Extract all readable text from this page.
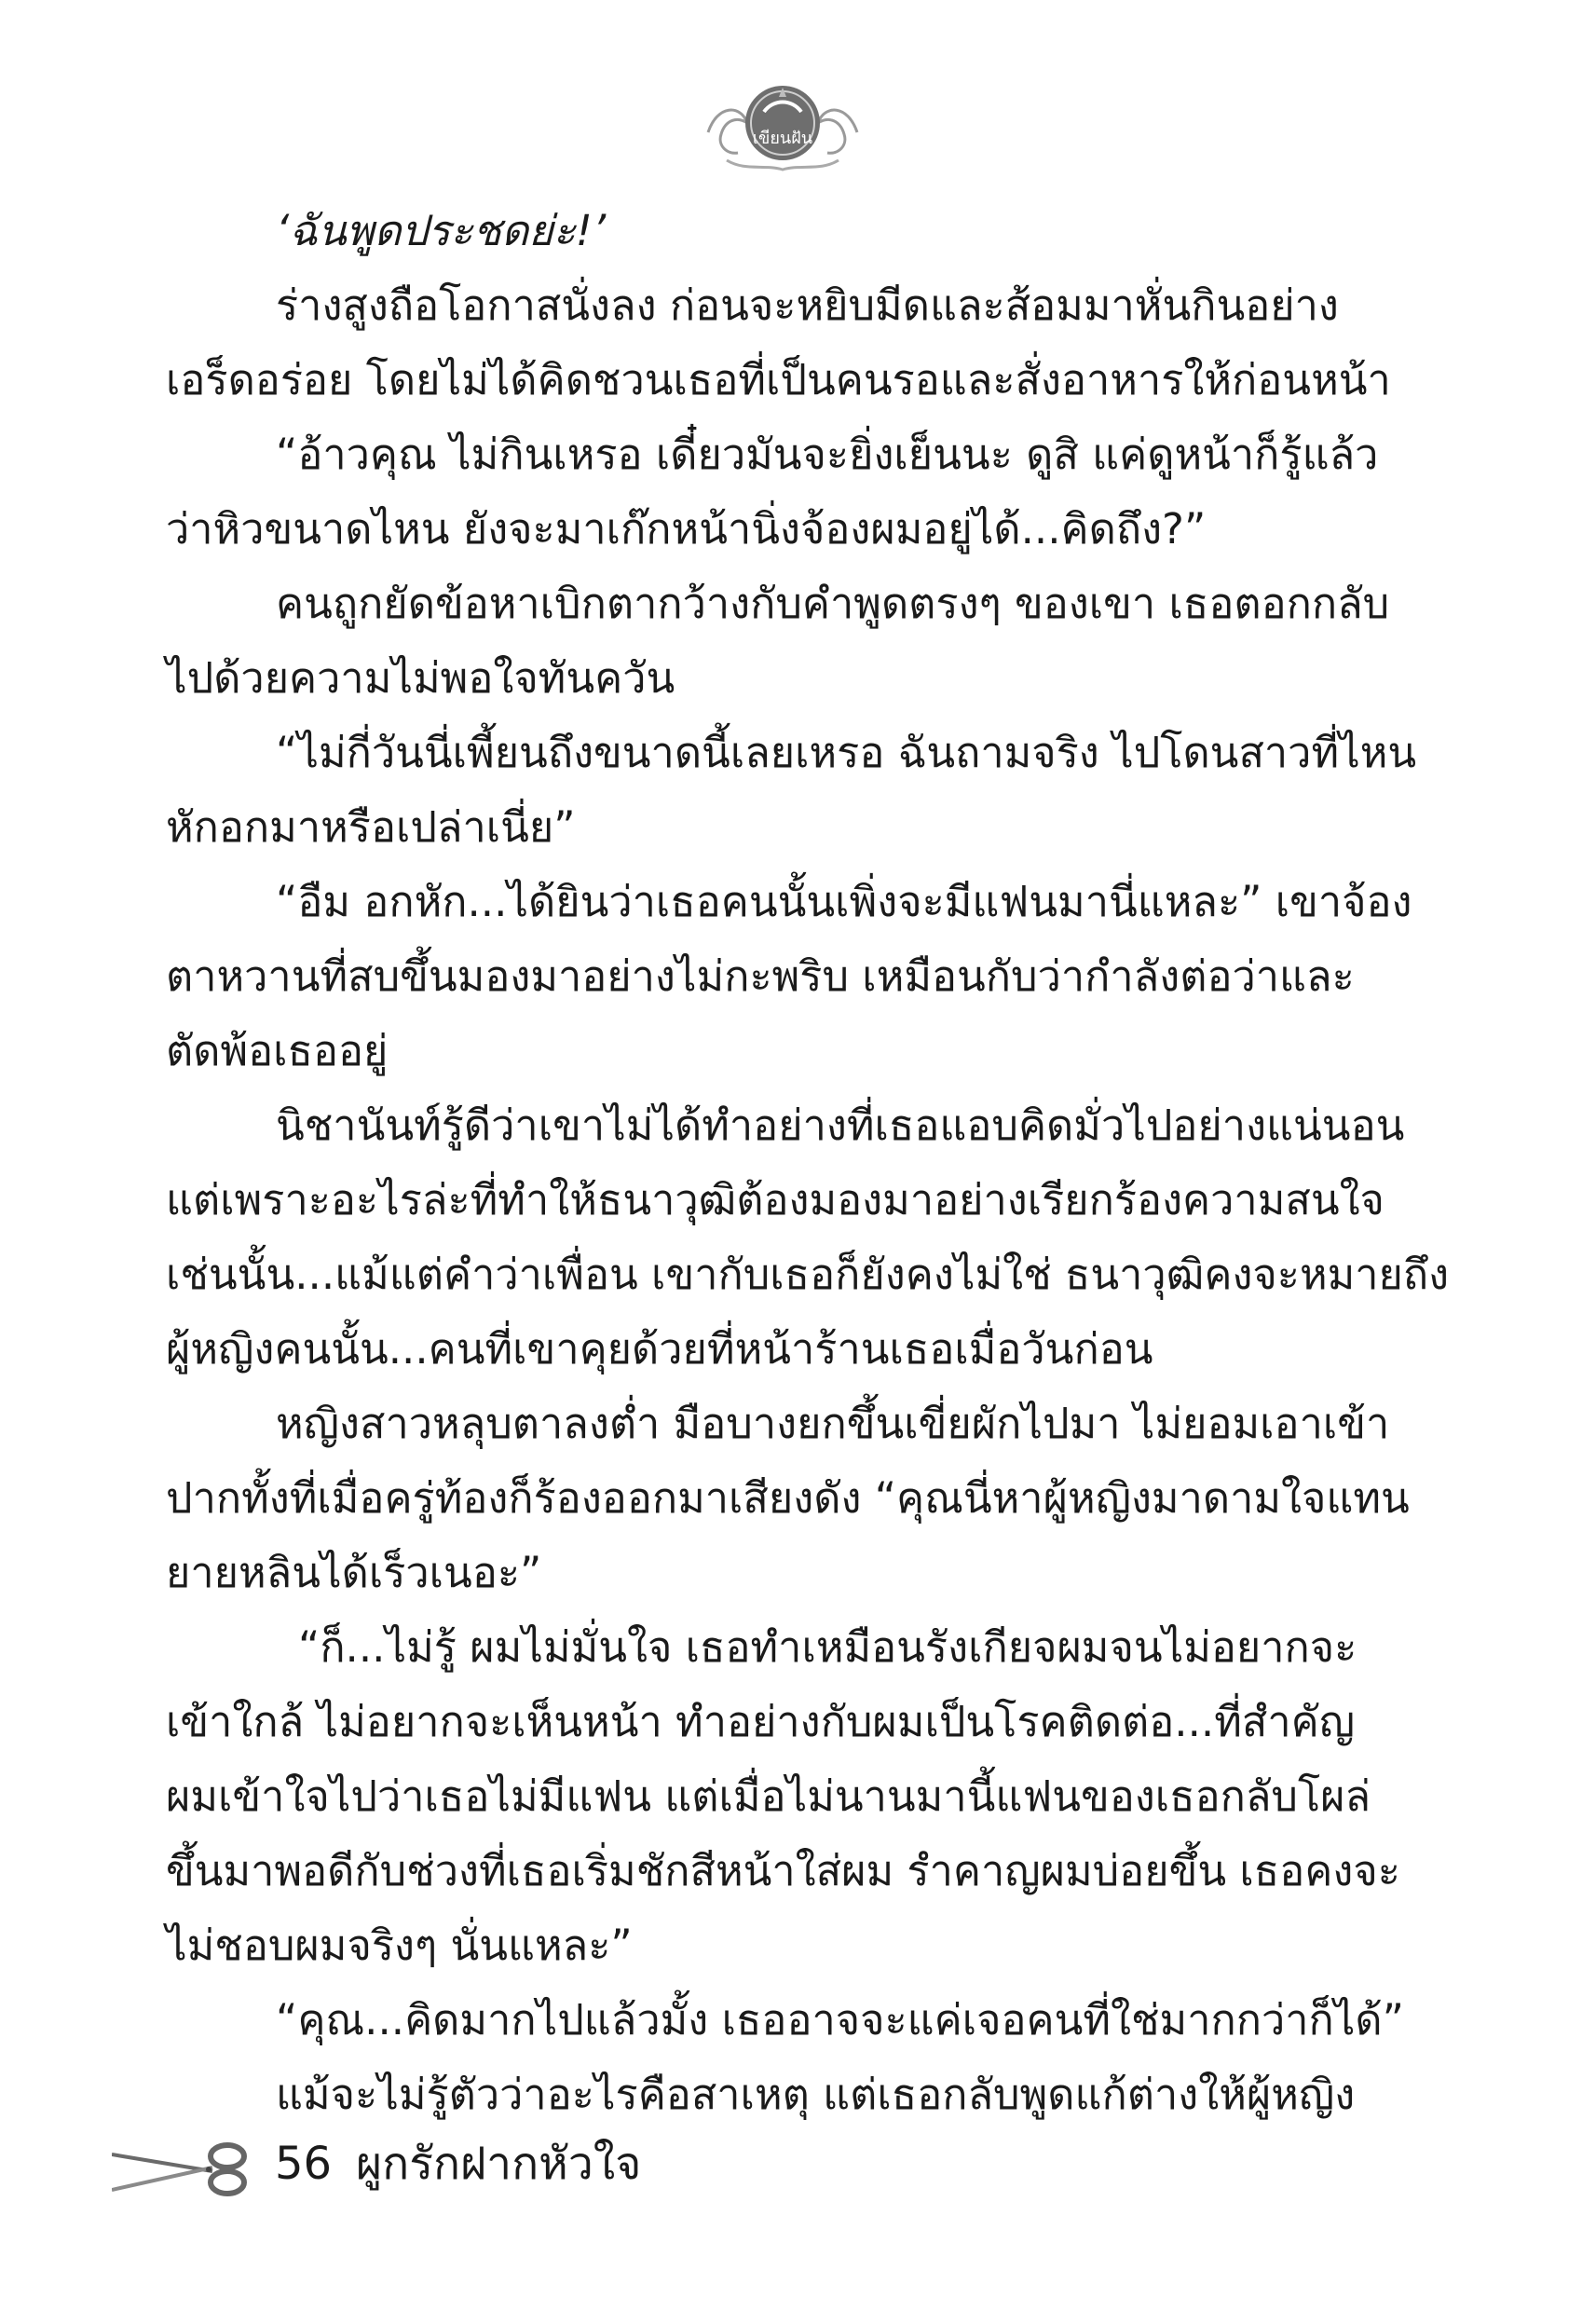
เขียนฝัน
‘ฉันพูดประชดย่ะ!’
ร่างสูงถือโอกาสนั่งลง ก่อนจะหยิบมีดและส้อมมาหั่นกินอย่าง
เอร็ดอร่อย โดยไม่ได้คิดชวนเธอที่เป็นคนรอและสั่งอาหารให้ก่อนหน้า
“อ้าวคุณ ไม่กินเหรอ เดี๋ยวมันจะยิ่งเย็นนะ ดูสิ แค่ดูหน้าก็รู้แล้ว
ว่าหิวขนาดไหน ยังจะมาเก๊กหน้านิ่งจ้องผมอยู่ได้...คิดถึง?”
คนถูกยัดข้อหาเบิกตากว้างกับคำพูดตรงๆ ของเขา เธอตอกกลับ
ไปด้วยความไม่พอใจทันควัน
“ไม่กี่วันนี่เพี้ยนถึงขนาดนี้เลยเหรอ ฉันถามจริง ไปโดนสาวที่ไหน
หักอกมาหรือเปล่าเนี่ย”
“อืม อกหัก...ได้ยินว่าเธอคนนั้นเพิ่งจะมีแฟนมานี่แหละ” เขาจ้อง
ตาหวานที่สบขึ้นมองมาอย่างไม่กะพริบ เหมือนกับว่ากำลังต่อว่าและ
ตัดพ้อเธออยู่
นิชานันท์รู้ดีว่าเขาไม่ได้ทำอย่างที่เธอแอบคิดมั่วไปอย่างแน่นอน
แต่เพราะอะไรล่ะที่ทำให้ธนาวุฒิต้องมองมาอย่างเรียกร้องความสนใจ
เช่นนั้น...แม้แต่คำว่าเพื่อน เขากับเธอก็ยังคงไม่ใช่ ธนาวุฒิคงจะหมายถึง
ผู้หญิงคนนั้น...คนที่เขาคุยด้วยที่หน้าร้านเธอเมื่อวันก่อน
หญิงสาวหลุบตาลงต่ำ มือบางยกขึ้นเขี่ยผักไปมา ไม่ยอมเอาเข้า
ปากทั้งที่เมื่อครู่ท้องก็ร้องออกมาเสียงดัง “คุณนี่หาผู้หญิงมาดามใจแทน
ยายหลินได้เร็วเนอะ”
“ก็...ไม่รู้ ผมไม่มั่นใจ เธอทำเหมือนรังเกียจผมจนไม่อยากจะ
เข้าใกล้ ไม่อยากจะเห็นหน้า ทำอย่างกับผมเป็นโรคติดต่อ...ที่สำคัญ
ผมเข้าใจไปว่าเธอไม่มีแฟน แต่เมื่อไม่นานมานี้แฟนของเธอกลับโผล่
ขึ้นมาพอดีกับช่วงที่เธอเริ่มชักสีหน้าใส่ผม รำคาญผมบ่อยขึ้น เธอคงจะ
ไม่ชอบผมจริงๆ นั่นแหละ”
“คุณ...คิดมากไปแล้วมั้ง เธออาจจะแค่เจอคนที่ใช่มากกว่าก็ได้”
แม้จะไม่รู้ตัวว่าอะไรคือสาเหตุ แต่เธอกลับพูดแก้ต่างให้ผู้หญิง
56 ผูกรักฝากหัวใจ
